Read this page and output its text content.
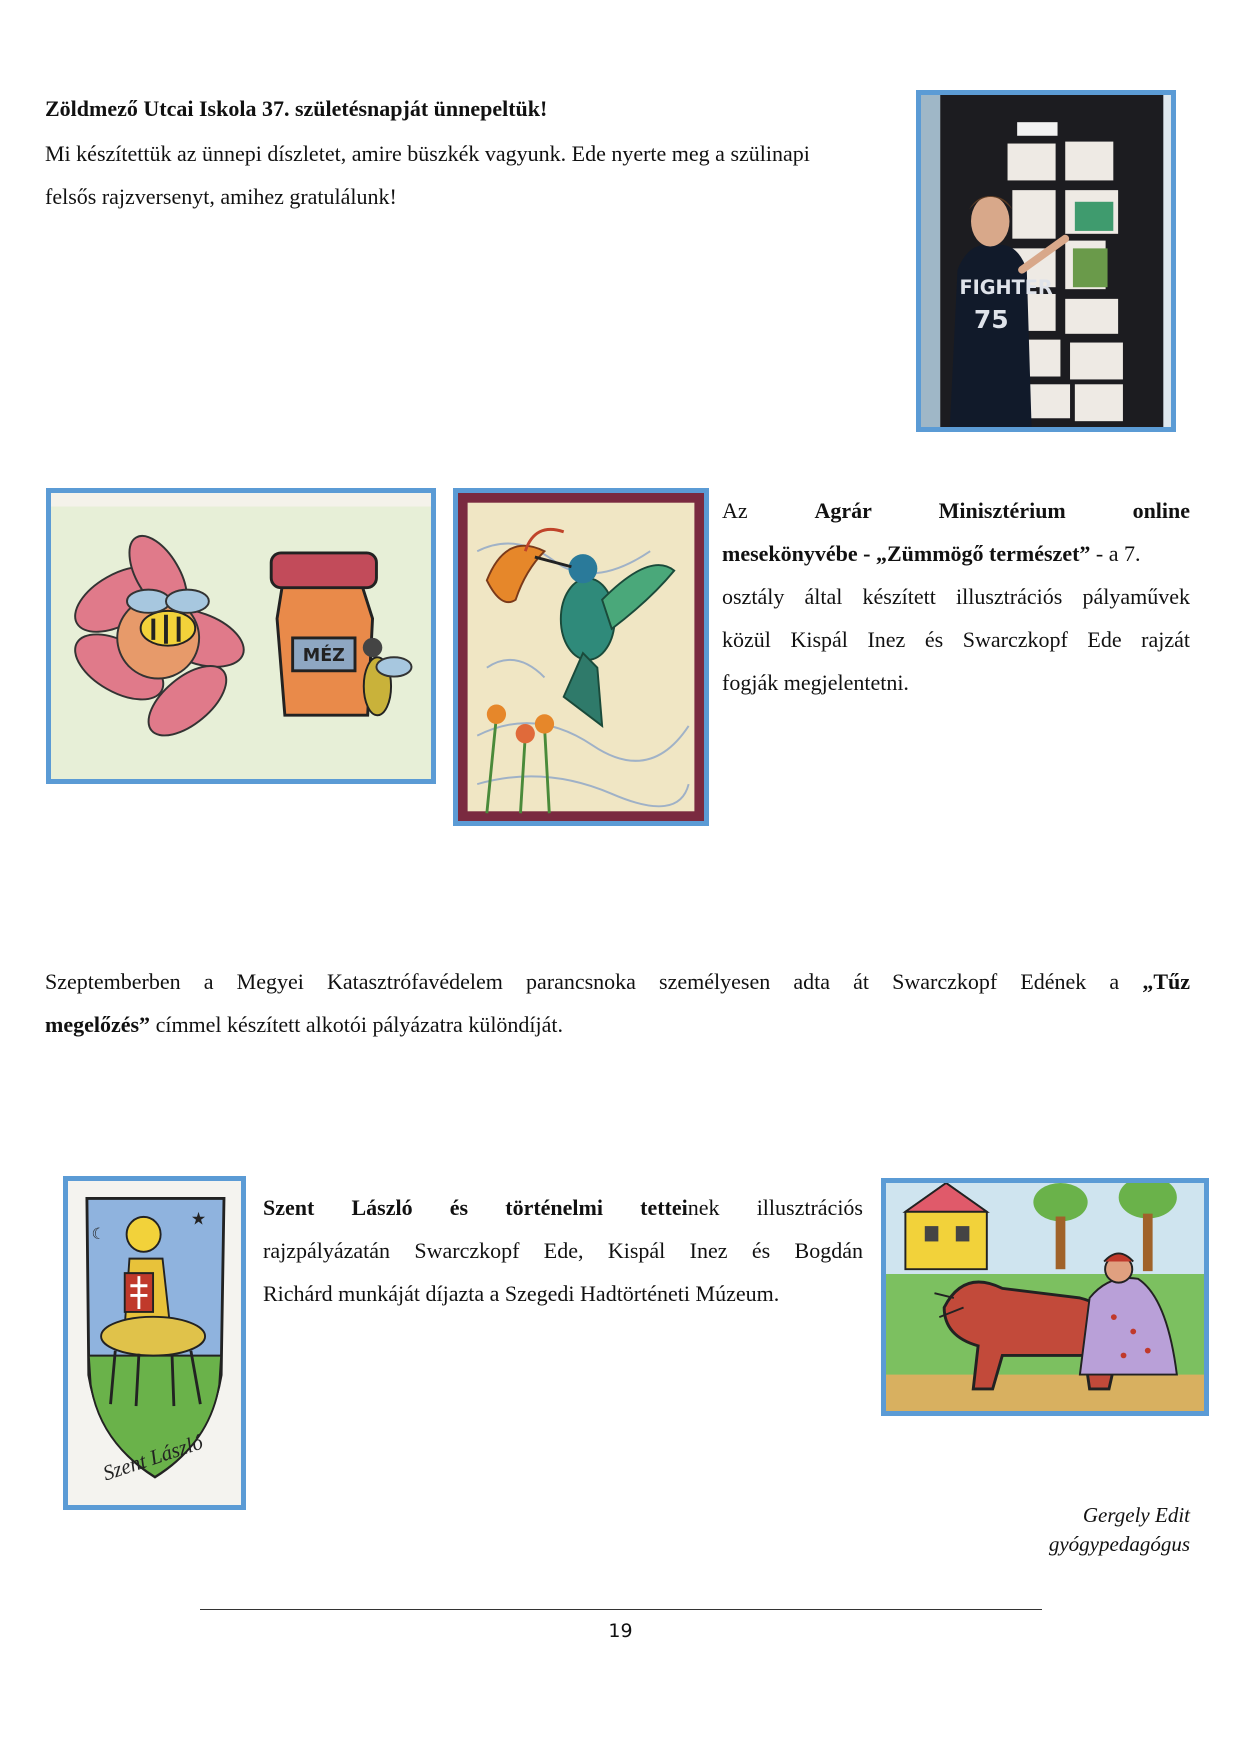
Zöldmező Utcai Iskola 37. születésnapját ünnepeltük!
Mi készítettük az ünnepi díszletet, amire büszkék vagyunk. Ede nyerte meg a szülinapi
felsős rajzversenyt, amihez gratulálunk!
FIGHTER
75
MÉZ
Az	Agrár	Minisztérium	online
mesekönyvébe - „Zümmögő természet” - a 7.
osztály által készített illusztrációs pályaművek
közül Kispál Inez és Swarczkopf Ede rajzát
fogják megjelentetni.
Szeptemberben a Megyei Katasztrófavédelem parancsnoka személyesen adta át Swarczkopf Edének a „Tűz
megelőzés” címmel készített alkotói pályázatra különdíját.
★
☾
Szent László
Szent László és történelmi tetteinek illusztrációs
rajzpályázatán Swarczkopf Ede, Kispál Inez és Bogdán
Richárd munkáját díjazta a Szegedi Hadtörténeti Múzeum.
Gergely Edit
gyógypedagógus
19
